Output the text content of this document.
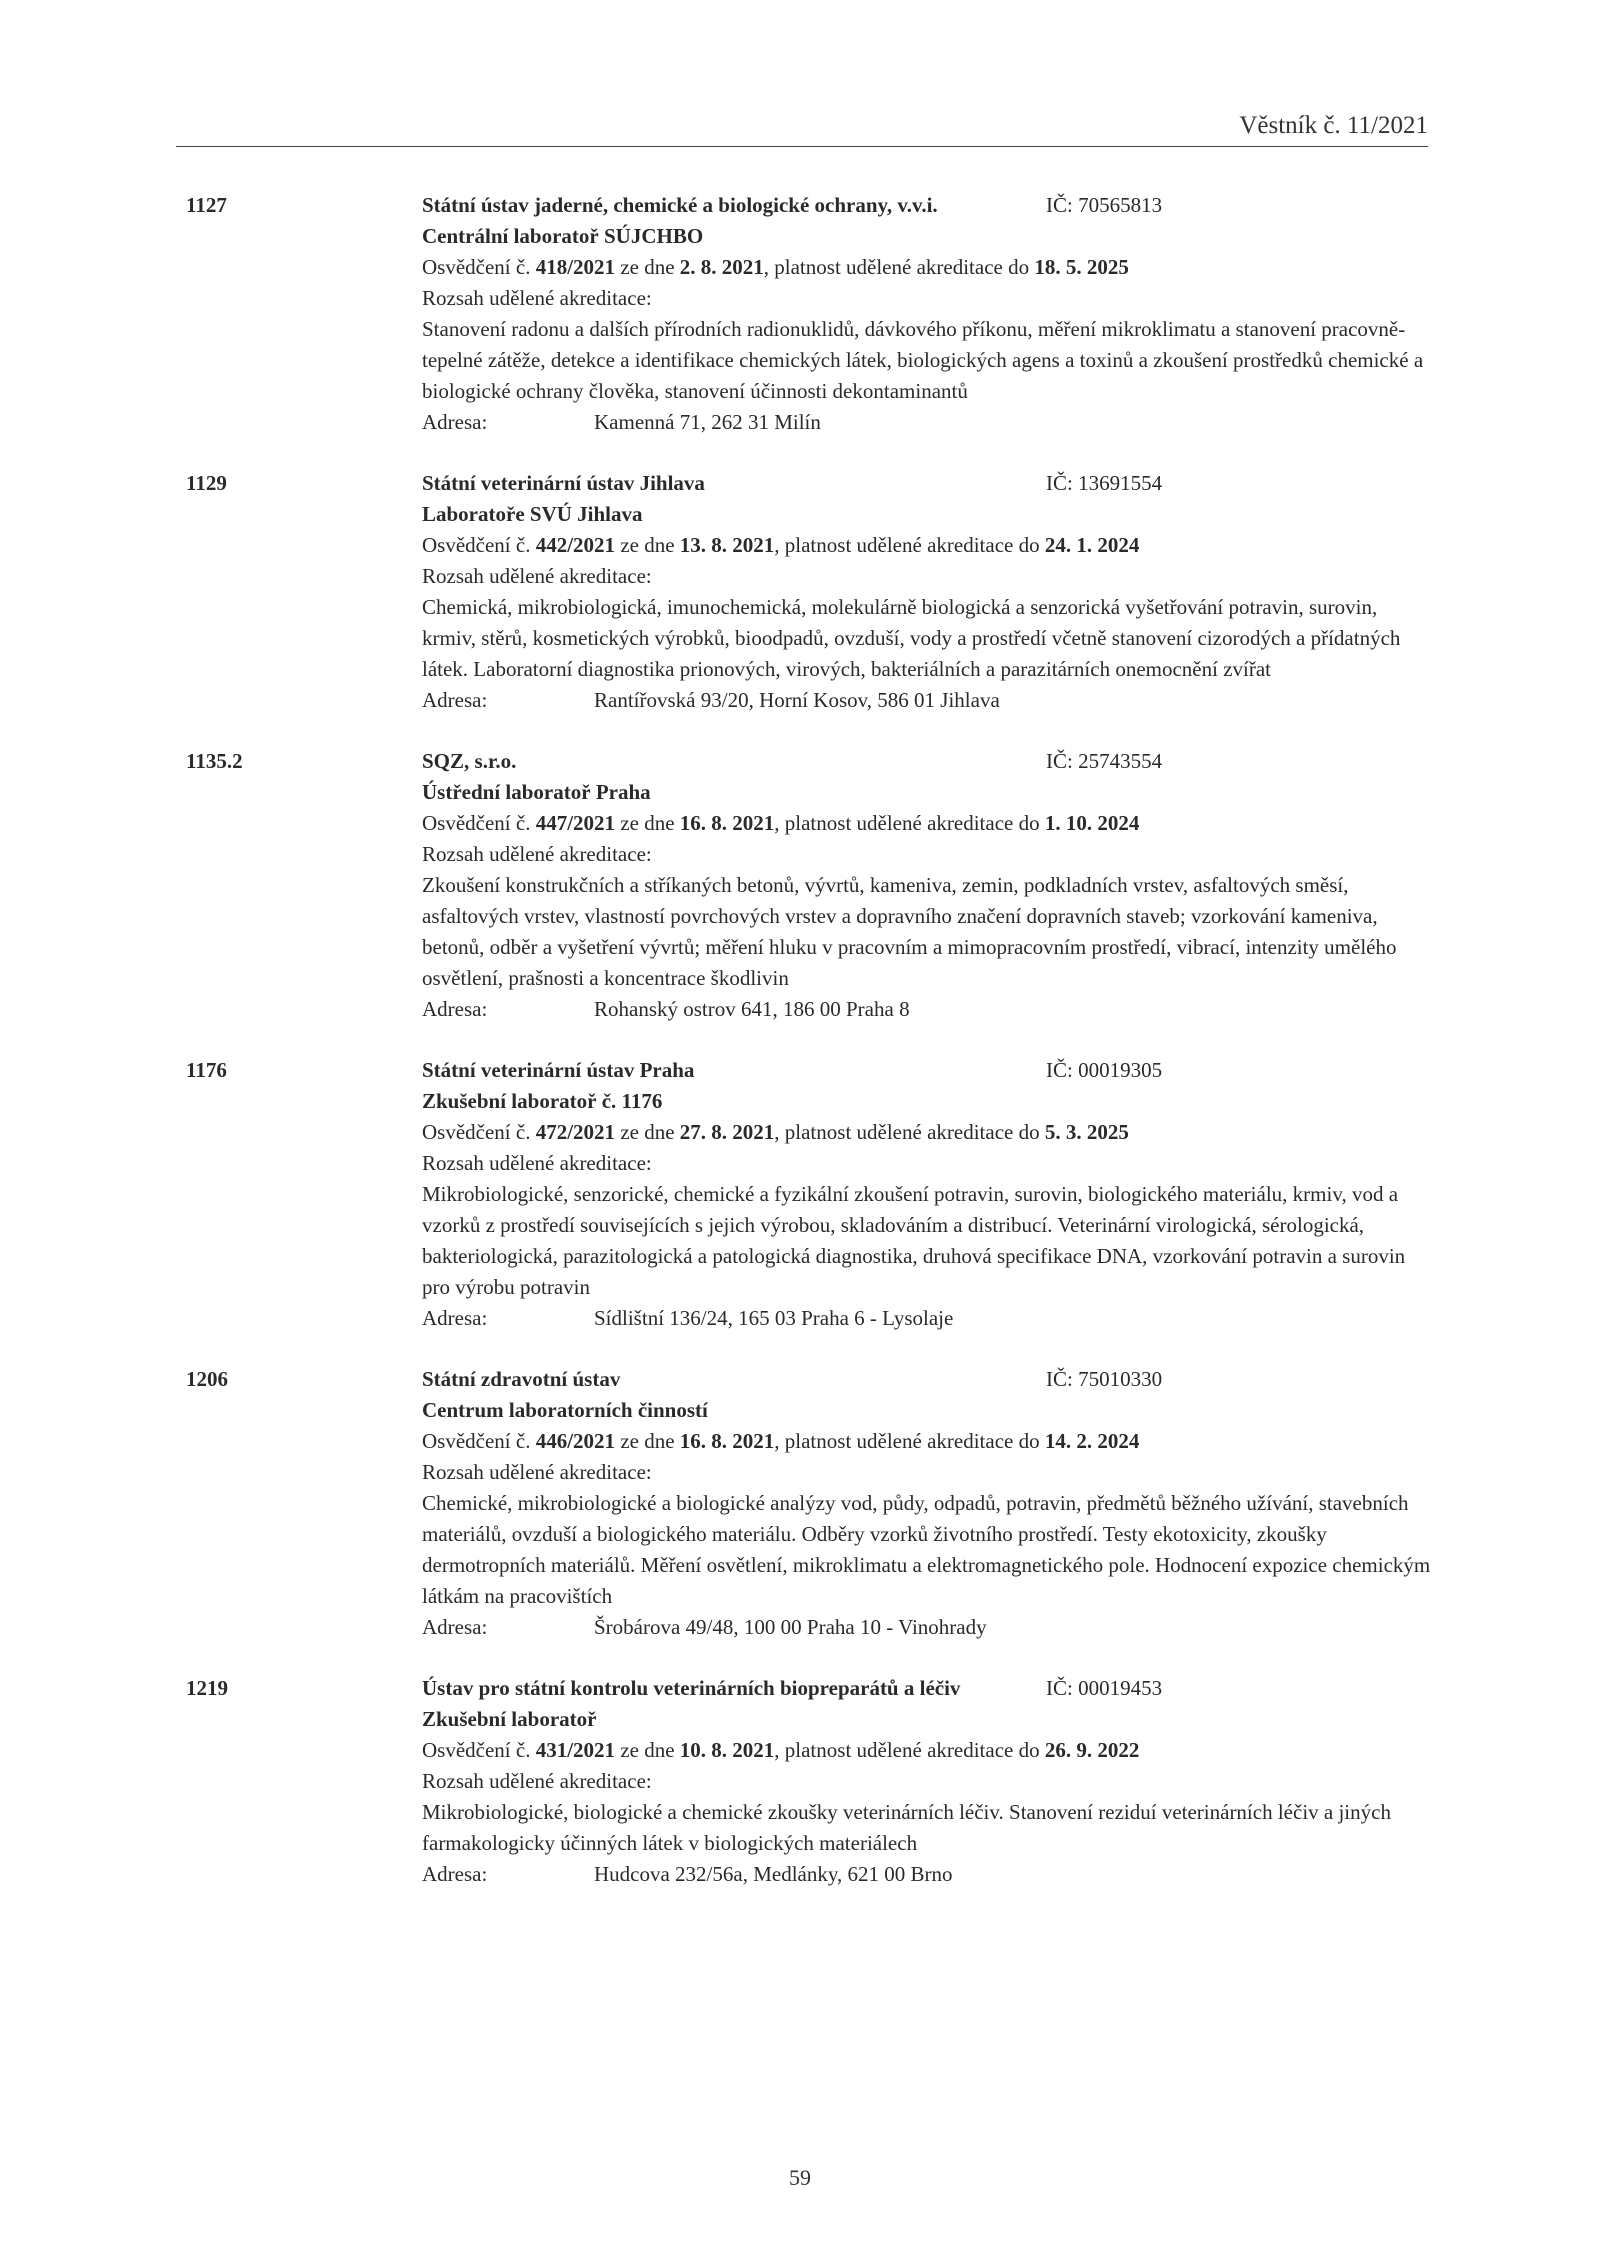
Věstník č. 11/2021
1127	Státní ústav jaderné, chemické a biologické ochrany, v.v.i.	IČ: 70565813
Centrální laboratoř SÚJCHBO
Osvědčení č. 418/2021 ze dne 2. 8. 2021, platnost udělené akreditace do 18. 5. 2025
Rozsah udělené akreditace:
Stanovení radonu a dalších přírodních radionuklidů, dávkového příkonu, měření mikroklimatu a stanovení pracovně-tepelné zátěže, detekce a identifikace chemických látek, biologických agens a toxinů a zkoušení prostředků chemické a biologické ochrany člověka, stanovení účinnosti dekontaminantů
Adresa:	Kamenná 71, 262 31 Milín
1129	Státní veterinární ústav Jihlava	IČ: 13691554
Laboratoře SVÚ Jihlava
Osvědčení č. 442/2021 ze dne 13. 8. 2021, platnost udělené akreditace do 24. 1. 2024
Rozsah udělené akreditace:
Chemická, mikrobiologická, imunochemická, molekulárně biologická a senzorická vyšetřování potravin, surovin, krmiv, stěrů, kosmetických výrobků, bioodpadů, ovzduší, vody a prostředí včetně stanovení cizorodých a přídatných látek. Laboratorní diagnostika prionových, virových, bakteriálních a parazitárních onemocnění zvířat
Adresa:	Rantířovská 93/20, Horní Kosov, 586 01 Jihlava
1135.2	SQZ, s.r.o.	IČ: 25743554
Ústřední laboratoř Praha
Osvědčení č. 447/2021 ze dne 16. 8. 2021, platnost udělené akreditace do 1. 10. 2024
Rozsah udělené akreditace:
Zkoušení konstrukčních a stříkaných betonů, vývrtů, kameniva, zemin, podkladních vrstev, asfaltových směsí, asfaltových vrstev, vlastností povrchových vrstev a dopravního značení dopravních staveb; vzorkování kameniva, betonů, odběr a vyšetření vývrtů; měření hluku v pracovním a mimopracovním prostředí, vibrací, intenzity umělého osvětlení, prašnosti a koncentrace škodlivin
Adresa:	Rohanský ostrov 641, 186 00 Praha 8
1176	Státní veterinární ústav Praha	IČ: 00019305
Zkušební laboratoř č. 1176
Osvědčení č. 472/2021 ze dne 27. 8. 2021, platnost udělené akreditace do 5. 3. 2025
Rozsah udělené akreditace:
Mikrobiologické, senzorické, chemické a fyzikální zkoušení potravin, surovin, biologického materiálu, krmiv, vod a vzorků z prostředí souvisejících s jejich výrobou, skladováním a distribucí. Veterinární virologická, sérologická, bakteriologická, parazitologická a patologická diagnostika, druhová specifikace DNA, vzorkování potravin a surovin pro výrobu potravin
Adresa:	Sídlištní 136/24, 165 03 Praha 6 - Lysolaje
1206	Státní zdravotní ústav	IČ: 75010330
Centrum laboratorních činností
Osvědčení č. 446/2021 ze dne 16. 8. 2021, platnost udělené akreditace do 14. 2. 2024
Rozsah udělené akreditace:
Chemické, mikrobiologické a biologické analýzy vod, půdy, odpadů, potravin, předmětů běžného užívání, stavebních materiálů, ovzduší a biologického materiálu. Odběry vzorků životního prostředí. Testy ekotoxicity, zkoušky dermotropních materiálů. Měření osvětlení, mikroklimatu a elektromagnetického pole. Hodnocení expozice chemickým látkám na pracovištích
Adresa:	Šrobárova 49/48, 100 00 Praha 10 - Vinohrady
1219	Ústav pro státní kontrolu veterinárních biopreparátů a léčiv	IČ: 00019453
Zkušební laboratoř
Osvědčení č. 431/2021 ze dne 10. 8. 2021, platnost udělené akreditace do 26. 9. 2022
Rozsah udělené akreditace:
Mikrobiologické, biologické a chemické zkoušky veterinárních léčiv. Stanovení reziduí veterinárních léčiv a jiných farmakologicky účinných látek v biologických materiálech
Adresa:	Hudcova 232/56a, Medlánky, 621 00 Brno
59
